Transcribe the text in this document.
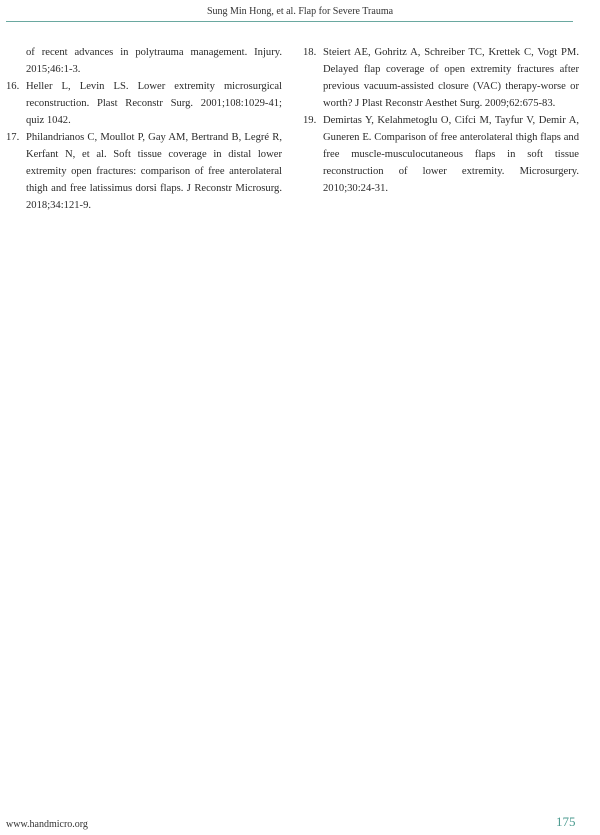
Sung Min Hong, et al. Flap for Severe Trauma
of recent advances in polytrauma management. Injury. 2015;46:1-3.
16. Heller L, Levin LS. Lower extremity microsurgical reconstruction. Plast Reconstr Surg. 2001;108:1029-41; quiz 1042.
17. Philandrianos C, Moullot P, Gay AM, Bertrand B, Legré R, Kerfant N, et al. Soft tissue coverage in distal lower extremity open fractures: comparison of free anterolateral thigh and free latissimus dorsi flaps. J Reconstr Microsurg. 2018;34:121-9.
18. Steiert AE, Gohritz A, Schreiber TC, Krettek C, Vogt PM. Delayed flap coverage of open extremity fractures after previous vacuum-assisted closure (VAC) therapy-worse or worth? J Plast Reconstr Aesthet Surg. 2009;62:675-83.
19. Demirtas Y, Kelahmetoglu O, Cifci M, Tayfur V, Demir A, Guneren E. Comparison of free anterolateral thigh flaps and free muscle-musculocutaneous flaps in soft tissue reconstruction of lower extremity. Microsurgery. 2010;30:24-31.
www.handmicro.org	175
